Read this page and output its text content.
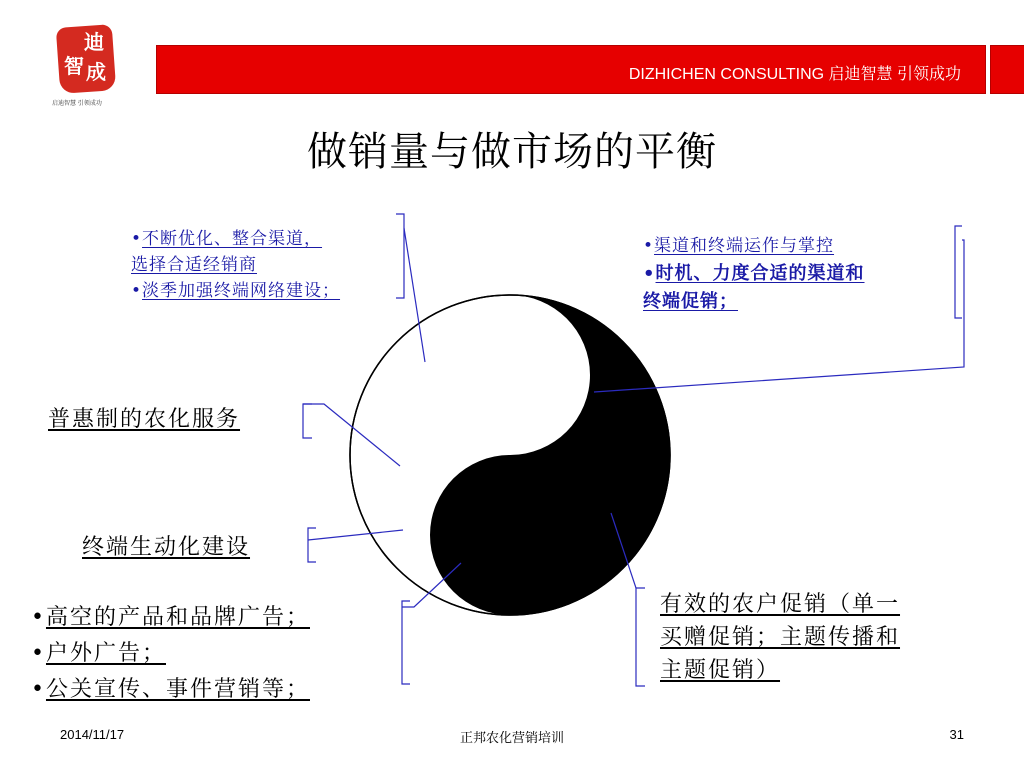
迪
智 成
启迪智慧 引领成功
DIZHICHEN CONSULTING 启迪智慧 引领成功
做销量与做市场的平衡
做
销
量
做
市
场
•不断优化、整合渠道，
选择合适经销商
•淡季加强终端网络建设；
•渠道和终端运作与掌控
•时机、力度合适的渠道和
终端促销；
普惠制的农化服务
终端生动化建设
•高空的产品和品牌广告；
•户外广告；
•公关宣传、事件营销等；
有效的农户促销（单一
买赠促销；主题传播和
主题促销）
2014/11/17	正邦农化营销培训	31
